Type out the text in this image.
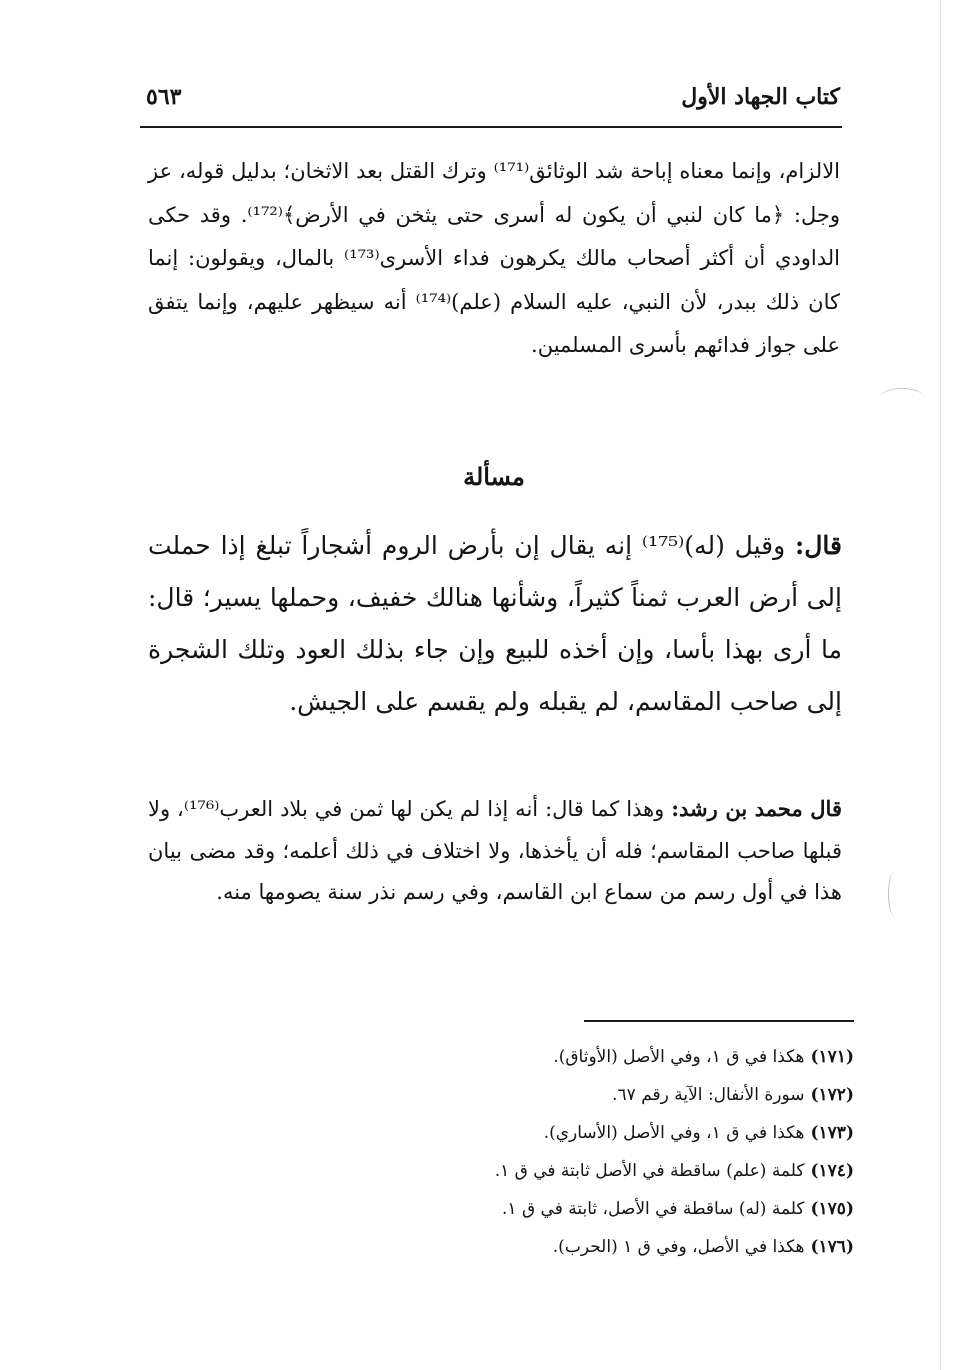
كتاب الجهاد الأول
٥٦٣
الالزام، وإنما معناه إباحة شد الوثائق⁽¹⁷¹⁾ وترك القتل بعد الاثخان؛ بدليل قوله، عز وجل: ﴿ما كان لنبي أن يكون له أسرى حتى يثخن في الأرض﴾⁽¹⁷²⁾. وقد حكى الداودي أن أكثر أصحاب مالك يكرهون فداء الأسرى⁽¹⁷³⁾ بالمال، ويقولون: إنما كان ذلك ببدر، لأن النبي، عليه السلام (علم)⁽¹⁷⁴⁾ أنه سيظهر عليهم، وإنما يتفق على جواز فدائهم بأسرى المسلمين.
مسألة
قال: وقيل (له)⁽¹⁷⁵⁾ إنه يقال إن بأرض الروم أشجاراً تبلغ إذا حملت إلى أرض العرب ثمناً كثيراً، وشأنها هنالك خفيف، وحملها يسير؛ قال: ما أرى بهذا بأسا، وإن أخذه للبيع وإن جاء بذلك العود وتلك الشجرة إلى صاحب المقاسم، لم يقبله ولم يقسم على الجيش.
قال محمد بن رشد: وهذا كما قال: أنه إذا لم يكن لها ثمن في بلاد العرب⁽¹⁷⁶⁾، ولا قبلها صاحب المقاسم؛ فله أن يأخذها، ولا اختلاف في ذلك أعلمه؛ وقد مضى بيان هذا في أول رسم من سماع ابن القاسم، وفي رسم نذر سنة يصومها منه.
(١٧١)هكذا في ق ١، وفي الأصل (الأوثاق).
(١٧٢)سورة الأنفال: الآية رقم ٦٧.
(١٧٣)هكذا في ق ١، وفي الأصل (الأساري).
(١٧٤)كلمة (علم) ساقطة في الأصل ثابتة في ق ١.
(١٧٥)كلمة (له) ساقطة في الأصل، ثابتة في ق ١.
(١٧٦)هكذا في الأصل، وفي ق ١ (الحرب).
